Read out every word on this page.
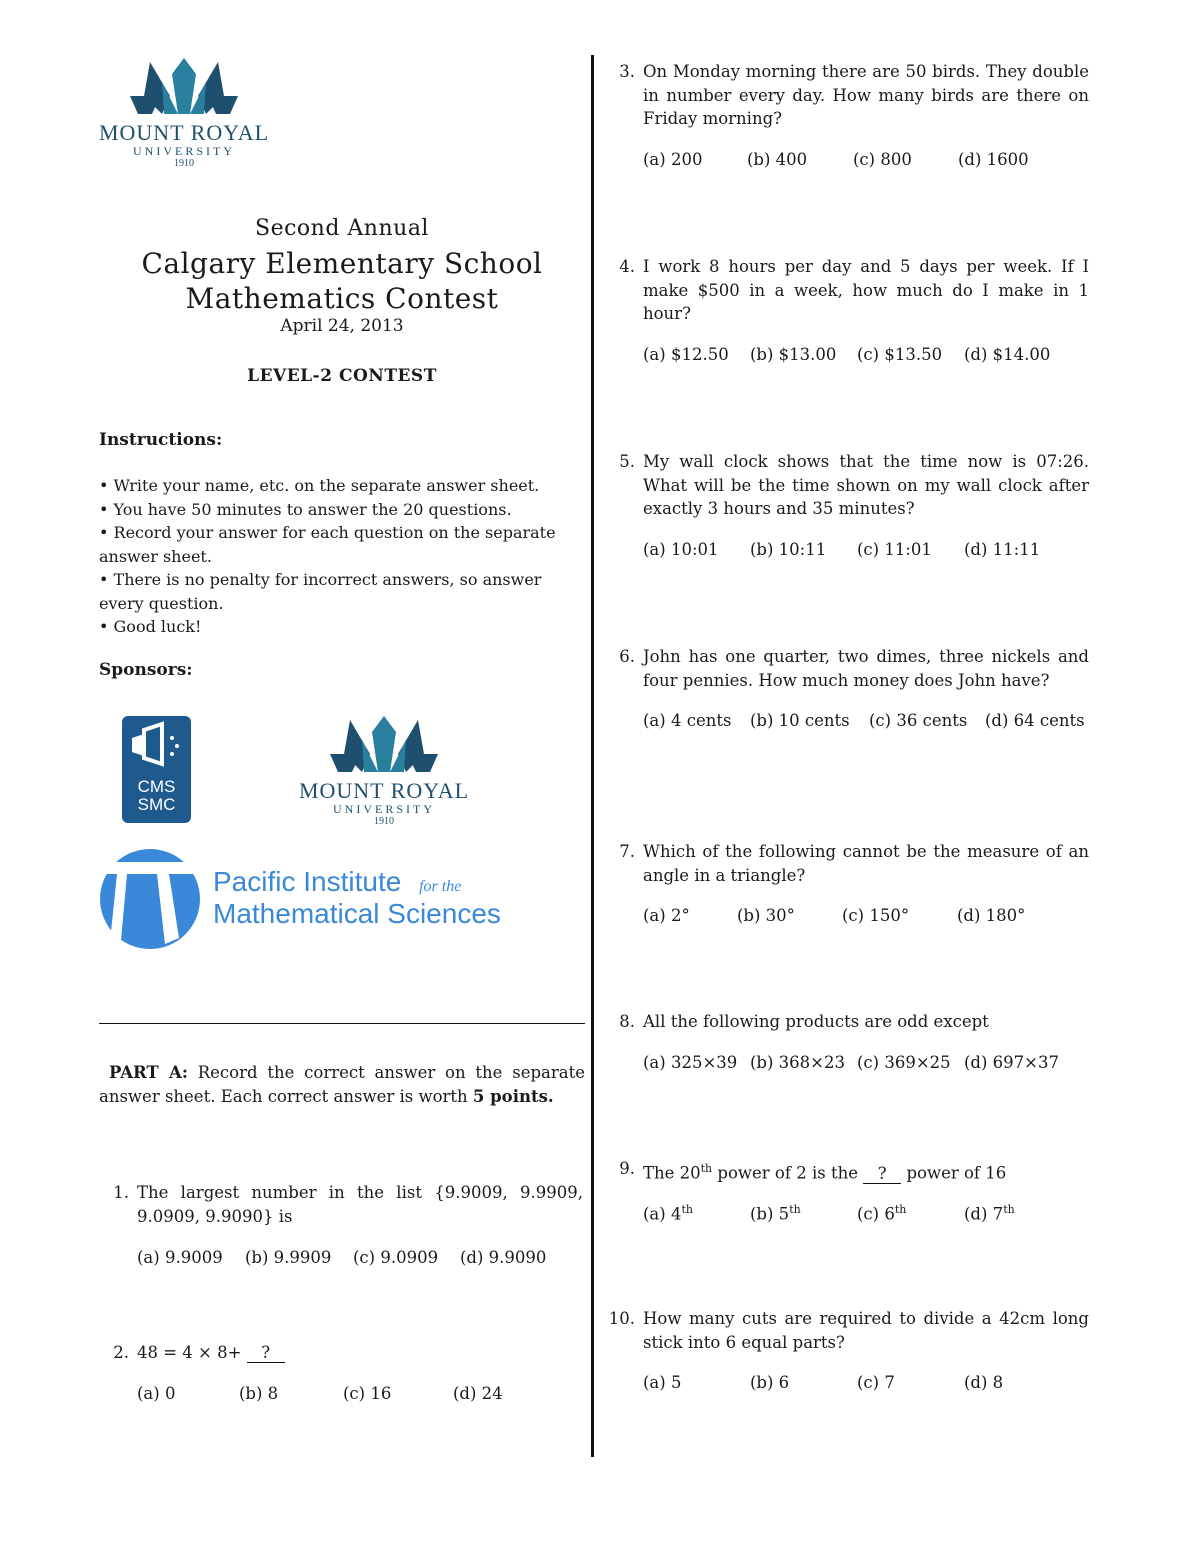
MOUNT ROYAL
UNIVERSITY
1910
Second Annual
Calgary Elementary School
Mathematics Contest
April 24, 2013
LEVEL-2 CONTEST
Instructions:
• Write your name, etc. on the separate answer sheet.
• You have 50 minutes to answer the 20 questions.
• Record your answer for each question on the separate answer sheet.
• There is no penalty for incorrect answers, so answer every question.
• Good luck!
Sponsors:
CMS
SMC
MOUNT ROYAL
UNIVERSITY
1910
Pacific Institute for the
Mathematical Sciences
PART A: Record the correct answer on the separate answer sheet. Each correct answer is worth 5 points.
1. The largest number in the list {9.9009, 9.9909, 9.0909, 9.9090} is
(a) 9.9009 (b) 9.9909 (c) 9.0909 (d) 9.9090
2. 48 = 4 × 8+ ?
(a) 0	(b) 8	(c) 16	(d) 24
3. On Monday morning there are 50 birds. They double in number every day. How many birds are there on Friday morning?
(a) 200	(b) 400	(c) 800	(d) 1600
4. I work 8 hours per day and 5 days per week. If I make $500 in a week, how much do I make in 1 hour?
(a) $12.50 (b) $13.00 (c) $13.50 (d) $14.00
5. My wall clock shows that the time now is 07:26. What will be the time shown on my wall clock after exactly 3 hours and 35 minutes?
(a) 10:01 (b) 10:11 (c) 11:01 (d) 11:11
6. John has one quarter, two dimes, three nickels and four pennies. How much money does John have?
(a) 4 cents (b) 10 cents (c) 36 cents (d) 64 cents
7. Which of the following cannot be the measure of an angle in a triangle?
(a) 2°	(b) 30°	(c) 150°	(d) 180°
8. All the following products are odd except
(a) 325×39 (b) 368×23 (c) 369×25 (d) 697×37
9. The 20th power of 2 is the ? power of 16
(a) 4th	(b) 5th	(c) 6th	(d) 7th
10. How many cuts are required to divide a 42cm long stick into 6 equal parts?
(a) 5	(b) 6	(c) 7	(d) 8
